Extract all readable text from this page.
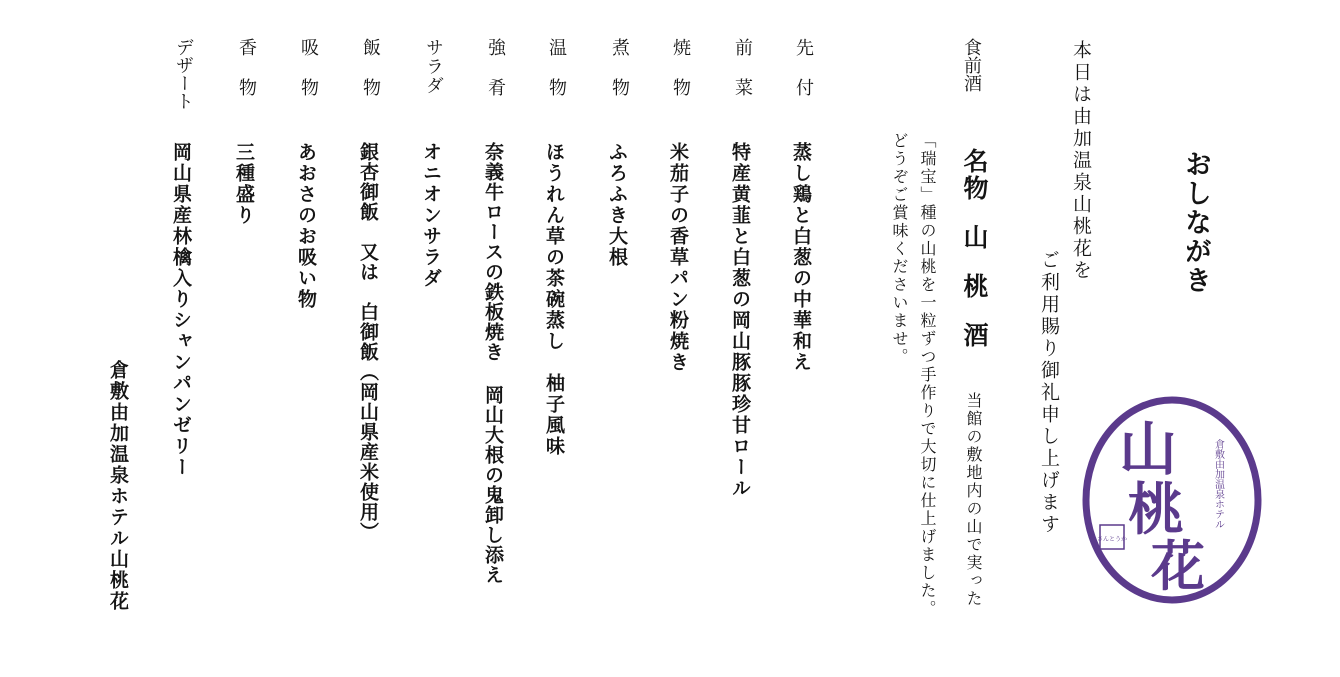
おしながき

本日は由加温泉山桃花を

ご利用賜り御礼申し上げます

食前酒

名物山桃酒

当館の敷地内の山で実った

「瑞宝」種の山桃を一粒ずつ手作りで大切に仕上げました。

どうぞご賞味くださいませ。

先付

蒸し鶏と白葱の中華和え

前菜

特産黄韮と白葱の岡山豚豚珍甘ロール

焼物

米茄子の香草パン粉焼き

煮物

ふろふき大根

温物

ほうれん草の茶碗蒸し　柚子風味

強肴

奈義牛ロースの鉄板焼き 岡山大根の鬼卸し添え

サラダ

オニオンサラダ

飯物

銀杏御飯　又は　白御飯（岡山県産米使用）

吸物

あおさのお吸い物

香物

三種盛り

デザート

岡山県産林檎入りシャンパンゼリー

倉敷由加温泉ホテル山桃花	山
桃
花
倉敷由加温泉ホテル
さんとうか
